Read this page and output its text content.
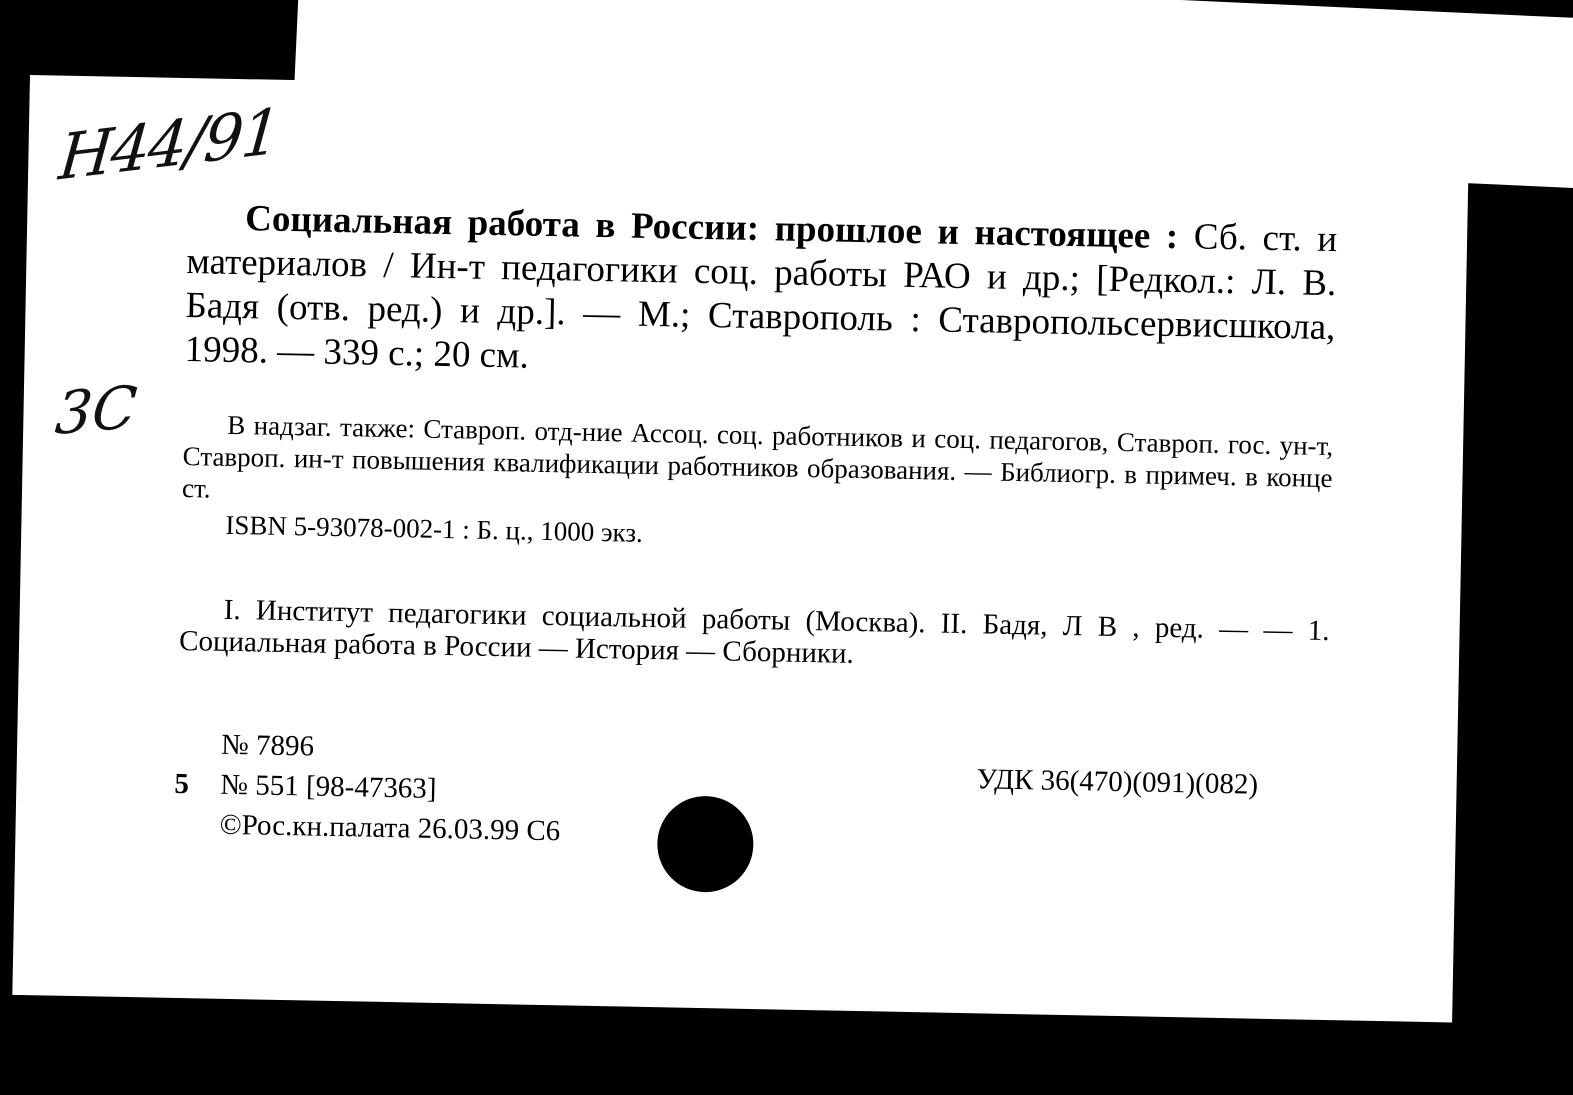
Н44/91
3С

Социальная работа в России: прошлое и настоящее : Сб. ст. и материалов / Ин-т педагогики соц. работы РАО и др.; [Редкол.: Л. В. Бадя (отв. ред.) и др.]. — М.; Ставрополь : Ставропольсервисшкола, 1998. — 339 с.; 20 см.

В надзаг. также: Ставроп. отд-ние Ассоц. соц. работников и соц. педагогов, Ставроп. гос. ун-т, Ставроп. ин-т повышения квалификации работников образования. — Библиогр. в примеч. в конце ст.

ISBN 5-93078-002-1 : Б. ц., 1000 экз.

I. Институт педагогики социальной работы (Москва). II. Бадя, Л В , ред. — — 1. Социальная работа в России — История — Сборники.

№ 7896
5 № 551 [98-47363]
©Рос.кн.палата 26.03.99 С6
УДК 36(470)(091)(082)
